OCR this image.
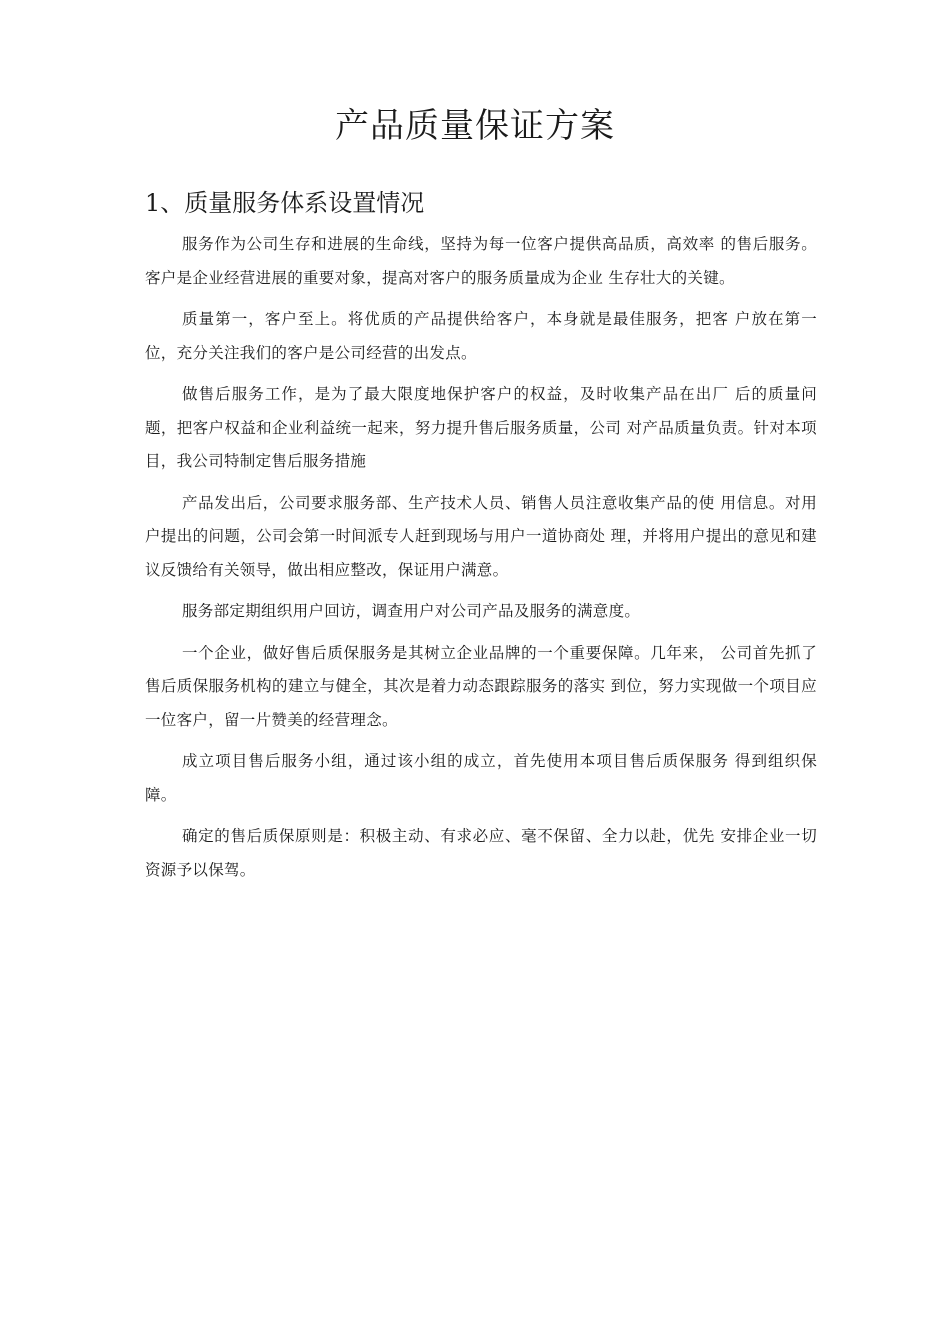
产品质量保证方案
1、质量服务体系设置情况

服务作为公司生存和进展的生命线，坚持为每一位客户提供高品质，高效率 的售后服务。客户是企业经营进展的重要对象，提高对客户的服务质量成为企业 生存壮大的关键。

质量第一，客户至上。将优质的产品提供给客户，本身就是最佳服务，把客 户放在第一位，充分关注我们的客户是公司经营的出发点。

做售后服务工作，是为了最大限度地保护客户的权益，及时收集产品在出厂 后的质量问题，把客户权益和企业利益统一起来，努力提升售后服务质量，公司 对产品质量负责。针对本项目，我公司特制定售后服务措施

产品发出后，公司要求服务部、生产技术人员、销售人员注意收集产品的使 用信息。对用户提出的问题，公司会第一时间派专人赶到现场与用户一道协商处 理，并将用户提出的意见和建议反馈给有关领导，做出相应整改，保证用户满意。

服务部定期组织用户回访，调查用户对公司产品及服务的满意度。

一个企业，做好售后质保服务是其树立企业品牌的一个重要保障。几年来， 公司首先抓了售后质保服务机构的建立与健全，其次是着力动态跟踪服务的落实 到位，努力实现做一个项目应一位客户，留一片赞美的经营理念。

成立项目售后服务小组，通过该小组的成立，首先使用本项目售后质保服务 得到组织保障。

确定的售后质保原则是：积极主动、有求必应、毫不保留、全力以赴，优先 安排企业一切资源予以保驾。
